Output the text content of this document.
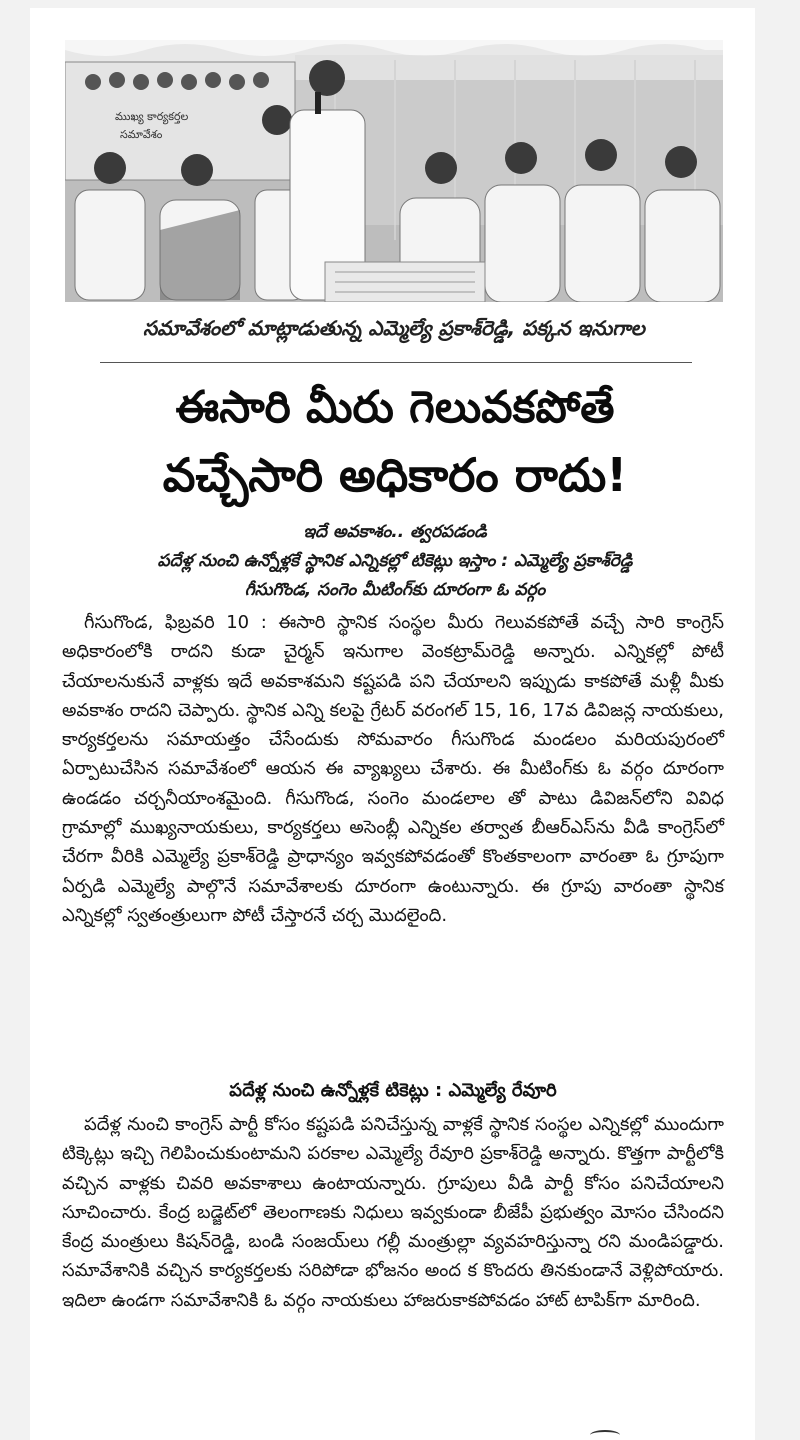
ముఖ్య కార్యకర్తల
సమావేశం
సమావేశంలో మాట్లాడుతున్న ఎమ్మెల్యే ప్రకాశ్‌రెడ్డి, పక్కన ఇనుగాల
ఈసారి మీరు గెలువకపోతే
వచ్చేసారి అధికారం రాదు!
ఇదే అవకాశం.. త్వరపడండి
పదేళ్ల నుంచి ఉన్నోళ్లకే స్థానిక ఎన్నికల్లో టికెట్లు ఇస్తాం : ఎమ్మెల్యే ప్రకాశ్‌రెడ్డి
గీసుగొండ, సంగెం మీటింగ్‌కు దూరంగా ఓ వర్గం

గీసుగొండ, ఫిబ్రవరి 10 : ఈసారి స్థానిక సంస్థల మీరు గెలువకపోతే వచ్చే సారి కాంగ్రెస్ అధికారంలోకి రాదని కుడా చైర్మన్ ఇనుగాల వెంకట్రామ్‌రెడ్డి అన్నారు. ఎన్నికల్లో పోటీ చేయాలనుకునే వాళ్లకు ఇదే అవకాశమని కష్టపడి పని చేయాలని ఇప్పుడు కాకపోతే మళ్లీ మీకు అవకాశం రాదని చెప్పారు. స్థానిక ఎన్ని కలపై గ్రేటర్ వరంగల్ 15, 16, 17వ డివిజన్ల నాయకులు, కార్యకర్తలను సమాయత్తం చేసేందుకు సోమవారం గీసుగొండ మండలం మరియపురంలో ఏర్పాటుచేసిన సమావేశంలో ఆయన ఈ వ్యాఖ్యలు చేశారు. ఈ మీటింగ్‌కు ఓ వర్గం దూరంగా ఉండడం చర్చనీయాంశమైంది. గీసుగొండ, సంగెం మండలాల తో పాటు డివిజన్‌లోని వివిధ గ్రామాల్లో ముఖ్యనాయకులు, కార్యకర్తలు అసెంబ్లీ ఎన్నికల తర్వాత బీఆర్ఎస్‌ను వీడి కాంగ్రెస్‌లో చేరగా వీరికి ఎమ్మెల్యే ప్రకాశ్‌రెడ్డి ప్రాధాన్యం ఇవ్వకపోవడంతో కొంతకాలంగా వారంతా ఓ గ్రూపుగా ఏర్పడి ఎమ్మెల్యే పాల్గొనే సమావేశాలకు దూరంగా ఉంటున్నారు. ఈ గ్రూపు వారంతా స్థానిక ఎన్నికల్లో స్వతంత్రులుగా పోటీ చేస్తారనే చర్చ మొదలైంది.

పదేళ్ల నుంచి ఉన్నోళ్లకే టికెట్లు : ఎమ్మెల్యే రేవూరి

పదేళ్ల నుంచి కాంగ్రెస్ పార్టీ కోసం కష్టపడి పనిచేస్తున్న వాళ్లకే స్థానిక సంస్థల ఎన్నికల్లో ముందుగా టిక్కెట్లు ఇచ్చి గెలిపించుకుంటామని పరకాల ఎమ్మెల్యే రేవూరి ప్రకాశ్‌రెడ్డి అన్నారు. కొత్తగా పార్టీలోకి వచ్చిన వాళ్లకు చివరి అవకాశాలు ఉంటాయన్నారు. గ్రూపులు వీడి పార్టీ కోసం పనిచేయాలని సూచించారు. కేంద్ర బడ్జెట్‌లో తెలంగాణకు నిధులు ఇవ్వకుండా బీజేపీ ప్రభుత్వం మోసం చేసిందని కేంద్ర మంత్రులు కిషన్‌రెడ్డి, బండి సంజయ్‌లు గల్లీ మంత్రుల్లా వ్యవహరిస్తున్నా రని మండిపడ్డారు. సమావేశానికి వచ్చిన కార్యకర్తలకు సరిపోడా భోజనం అంద క కొందరు తినకుండానే వెళ్లిపోయారు. ఇదిలా ఉండగా సమావేశానికి ఓ వర్గం నాయకులు హాజరుకాకపోవడం హాట్ టాపిక్‌గా మారింది.
